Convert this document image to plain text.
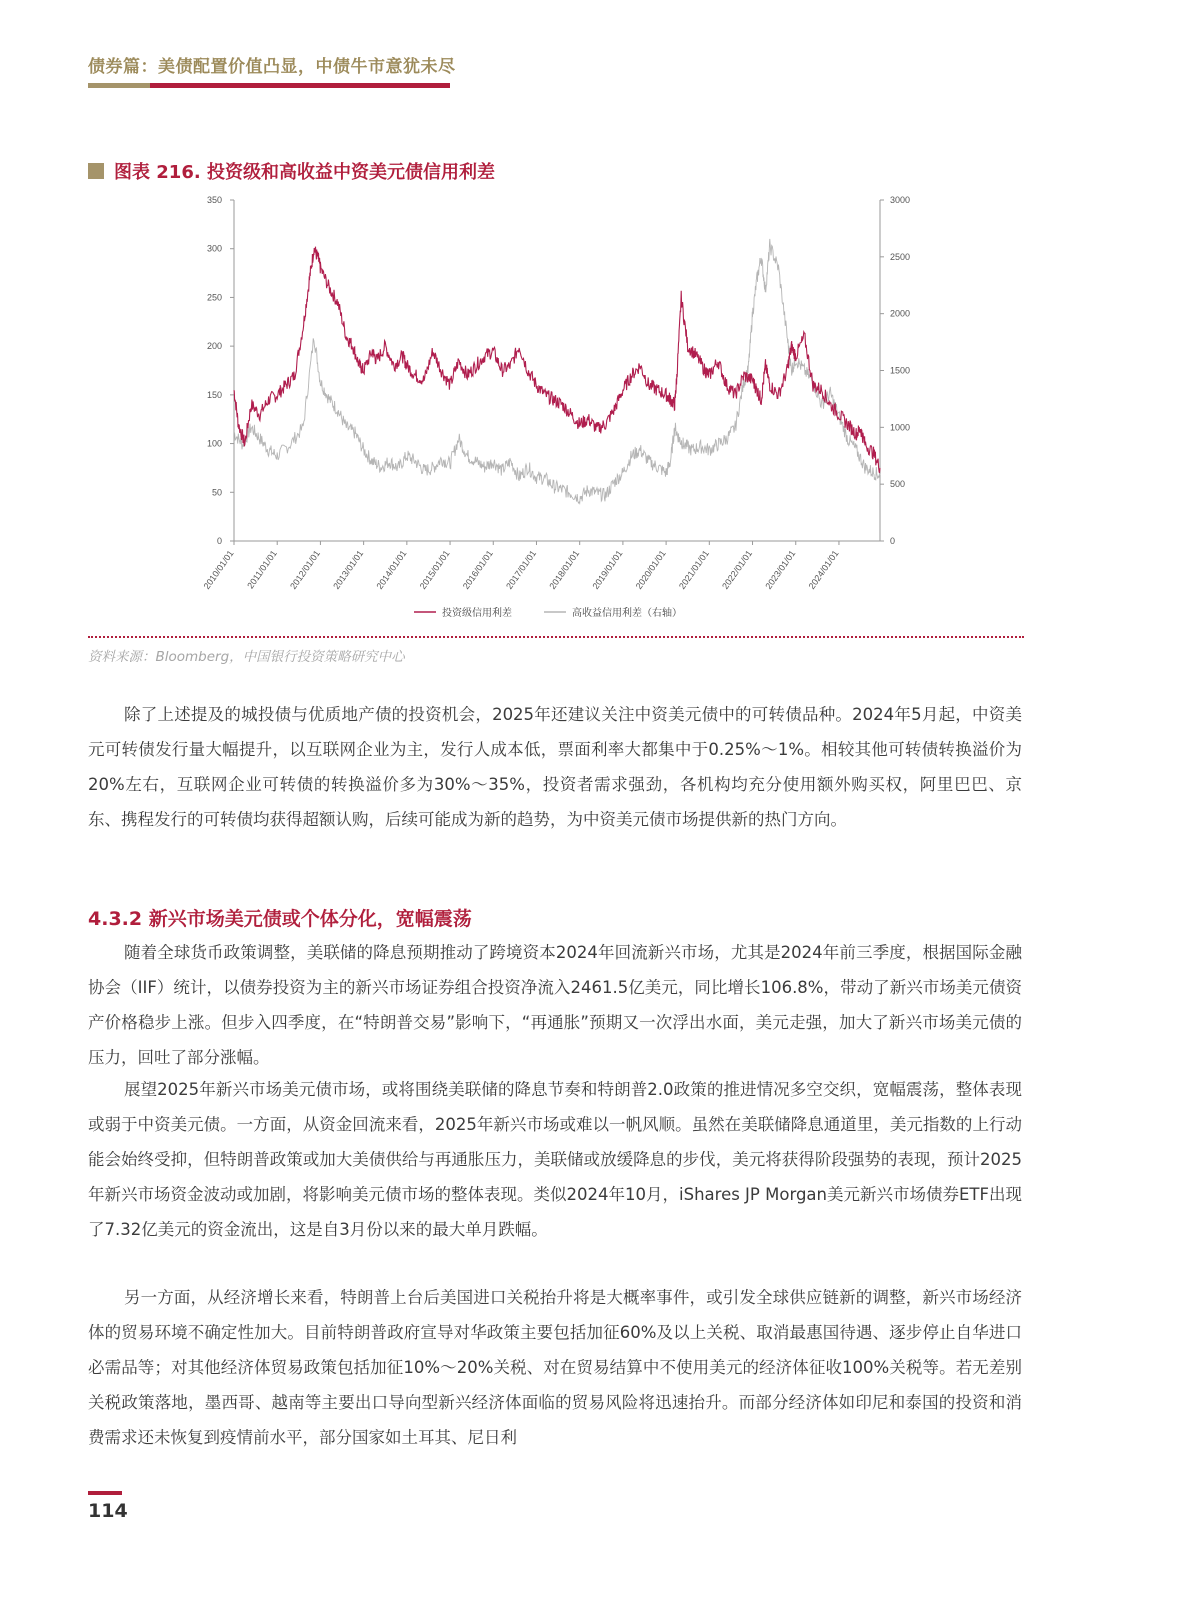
债券篇：美债配置价值凸显，中债牛市意犹未尽
图表 216. 投资级和高收益中资美元债信用利差
0
50
100
150
200
250
300
350
0
500
1000
1500
2000
2500
3000
2010/01/01 2011/01/01 2012/01/01 2013/01/01 2014/01/01 2015/01/01 2016/01/01 2017/01/01 2018/01/01 2019/01/01 2020/01/01 2021/01/01 2022/01/01 2023/01/01 2024/01/01
投资级信用利差	高收益信用利差（右轴）
资料来源：Bloomberg，中国银行投资策略研究中心

除了上述提及的城投债与优质地产债的投资机会，2025年还建议关注中资美元债中的可转债品种。2024年5月起，中资美元可转债发行量大幅提升，以互联网企业为主，发行人成本低，票面利率大都集中于0.25%～1%。相较其他可转债转换溢价为20%左右，互联网企业可转债的转换溢价多为30%～35%，投资者需求强劲，各机构均充分使用额外购买权，阿里巴巴、京东、携程发行的可转债均获得超额认购，后续可能成为新的趋势，为中资美元债市场提供新的热门方向。

4.3.2 新兴市场美元债或个体分化，宽幅震荡

随着全球货币政策调整，美联储的降息预期推动了跨境资本2024年回流新兴市场，尤其是2024年前三季度，根据国际金融协会（IIF）统计，以债券投资为主的新兴市场证券组合投资净流入2461.5亿美元，同比增长106.8%，带动了新兴市场美元债资产价格稳步上涨。但步入四季度，在“特朗普交易”影响下，“再通胀”预期又一次浮出水面，美元走强，加大了新兴市场美元债的压力，回吐了部分涨幅。

展望2025年新兴市场美元债市场，或将围绕美联储的降息节奏和特朗普2.0政策的推进情况多空交织，宽幅震荡，整体表现或弱于中资美元债。一方面，从资金回流来看，2025年新兴市场或难以一帆风顺。虽然在美联储降息通道里，美元指数的上行动能会始终受抑，但特朗普政策或加大美债供给与再通胀压力，美联储或放缓降息的步伐，美元将获得阶段强势的表现，预计2025年新兴市场资金波动或加剧，将影响美元债市场的整体表现。类似2024年10月，iShares JP Morgan美元新兴市场债券ETF出现了7.32亿美元的资金流出，这是自3月份以来的最大单月跌幅。

另一方面，从经济增长来看，特朗普上台后美国进口关税抬升将是大概率事件，或引发全球供应链新的调整，新兴市场经济体的贸易环境不确定性加大。目前特朗普政府宣导对华政策主要包括加征60%及以上关税、取消最惠国待遇、逐步停止自华进口必需品等；对其他经济体贸易政策包括加征10%～20%关税、对在贸易结算中不使用美元的经济体征收100%关税等。若无差别关税政策落地，墨西哥、越南等主要出口导向型新兴经济体面临的贸易风险将迅速抬升。而部分经济体如印尼和泰国的投资和消费需求还未恢复到疫情前水平，部分国家如土耳其、尼日利

114
